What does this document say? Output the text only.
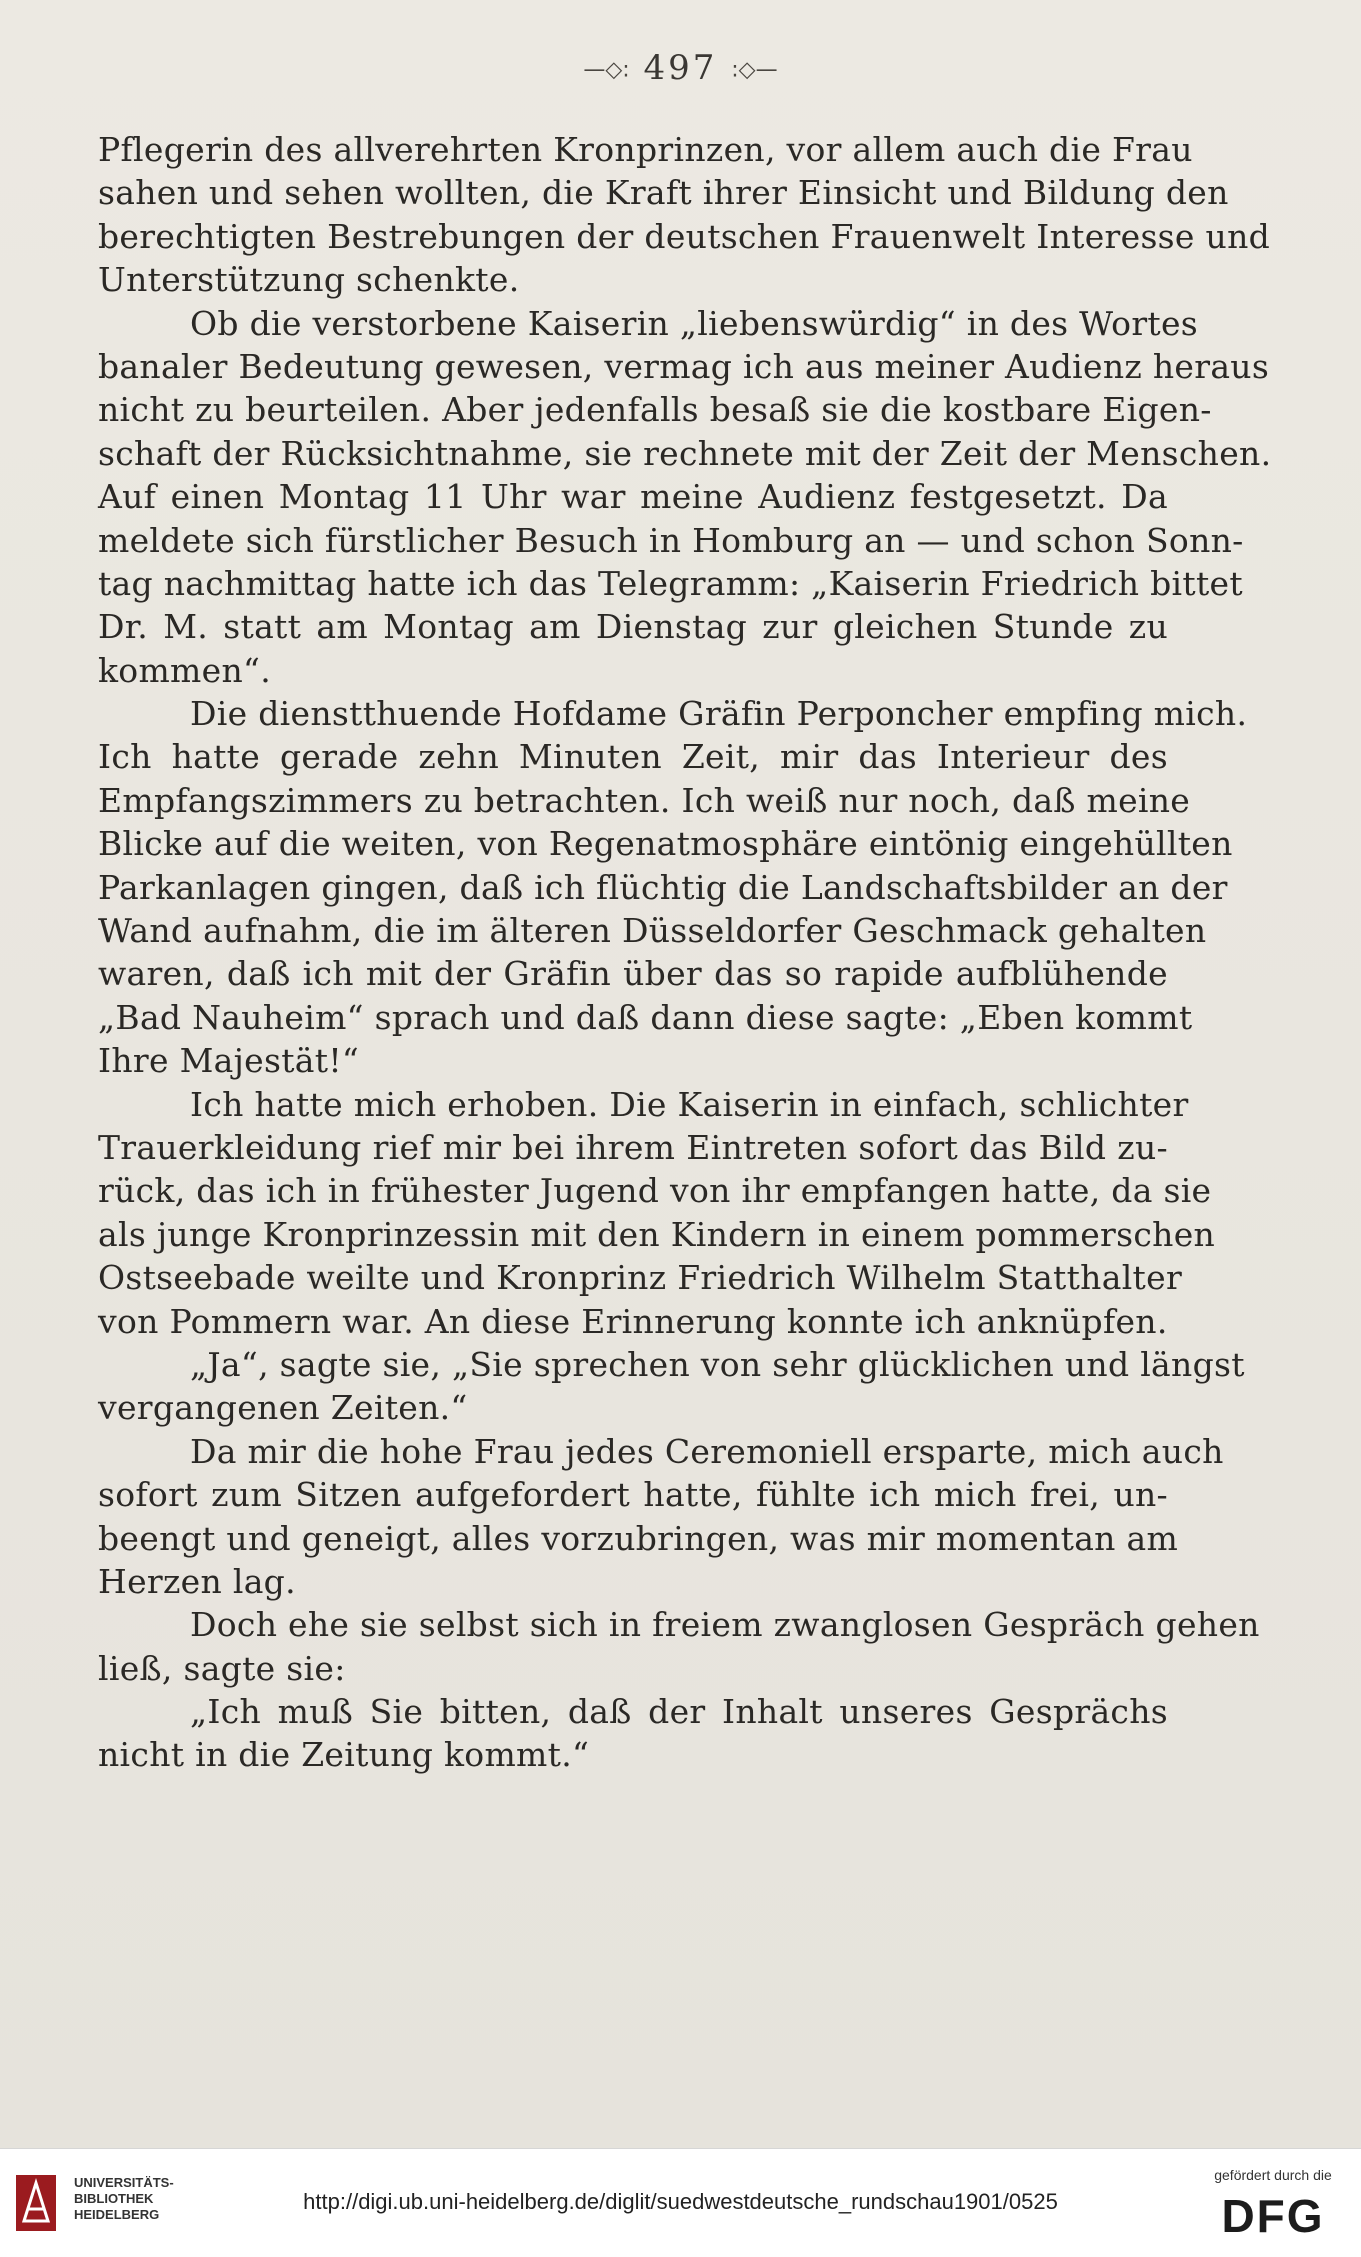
—◇: 497 :◇—
Pflegerin des allverehrten Kronprinzen, vor allem auch die Frau
sahen und sehen wollten, die Kraft ihrer Einsicht und Bildung den
berechtigten Bestrebungen der deutschen Frauenwelt Interesse und
Unterstützung schenkte.
Ob die verstorbene Kaiserin „liebenswürdig“ in des Wortes
banaler Bedeutung gewesen, vermag ich aus meiner Audienz heraus
nicht zu beurteilen. Aber jedenfalls besaß sie die kostbare Eigen-
schaft der Rücksichtnahme, sie rechnete mit der Zeit der Menschen.
Auf einen Montag 11 Uhr war meine Audienz festgesetzt. Da
meldete sich fürstlicher Besuch in Homburg an — und schon Sonn-
tag nachmittag hatte ich das Telegramm: „Kaiserin Friedrich bittet
Dr. M. statt am Montag am Dienstag zur gleichen Stunde zu
kommen“.
Die dienstthuende Hofdame Gräfin Perponcher empfing mich.
Ich hatte gerade zehn Minuten Zeit, mir das Interieur des
Empfangszimmers zu betrachten. Ich weiß nur noch, daß meine
Blicke auf die weiten, von Regenatmosphäre eintönig eingehüllten
Parkanlagen gingen, daß ich flüchtig die Landschaftsbilder an der
Wand aufnahm, die im älteren Düsseldorfer Geschmack gehalten
waren, daß ich mit der Gräfin über das so rapide aufblühende
„Bad Nauheim“ sprach und daß dann diese sagte: „Eben kommt
Ihre Majestät!“
Ich hatte mich erhoben. Die Kaiserin in einfach, schlichter
Trauerkleidung rief mir bei ihrem Eintreten sofort das Bild zu-
rück, das ich in frühester Jugend von ihr empfangen hatte, da sie
als junge Kronprinzessin mit den Kindern in einem pommerschen
Ostseebade weilte und Kronprinz Friedrich Wilhelm Statthalter
von Pommern war. An diese Erinnerung konnte ich anknüpfen.
„Ja“, sagte sie, „Sie sprechen von sehr glücklichen und längst
vergangenen Zeiten.“
Da mir die hohe Frau jedes Ceremoniell ersparte, mich auch
sofort zum Sitzen aufgefordert hatte, fühlte ich mich frei, un-
beengt und geneigt, alles vorzubringen, was mir momentan am
Herzen lag.
Doch ehe sie selbst sich in freiem zwanglosen Gespräch gehen
ließ, sagte sie:
„Ich muß Sie bitten, daß der Inhalt unseres Gesprächs
nicht in die Zeitung kommt.“
UNIVERSITÄTS-
BIBLIOTHEK
HEIDELBERG
http://digi.ub.uni-heidelberg.de/diglit/suedwestdeutsche_rundschau1901/0525
gefördert durch die
DFG
